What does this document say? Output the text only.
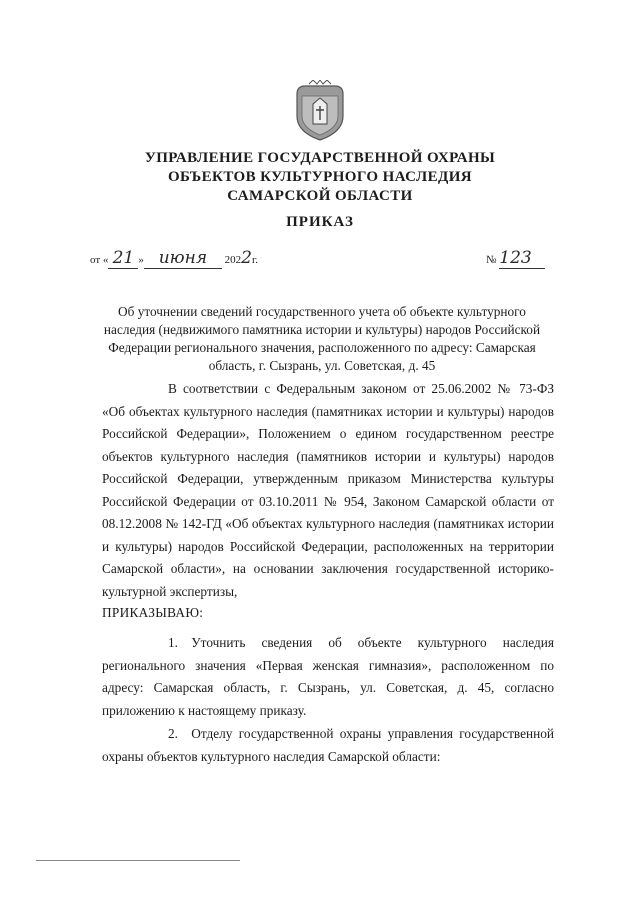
УПРАВЛЕНИЕ ГОСУДАРСТВЕННОЙ ОХРАНЫ
ОБЪЕКТОВ КУЛЬТУРНОГО НАСЛЕДИЯ
САМАРСКОЙ ОБЛАСТИ
ПРИКАЗ
от « 21 » июня 2022г.	№ 123
Об уточнении сведений государственного учета об объекте культурного
наследия (недвижимого памятника истории и культуры) народов Российской
Федерации регионального значения, расположенного по адресу: Самарская
область, г. Сызрань, ул. Советская, д. 45

В соответствии с Федеральным законом от 25.06.2002 № 73-ФЗ «Об объектах культурного наследия (памятниках истории и культуры) народов Российской Федерации», Положением о едином государственном реестре объектов культурного наследия (памятников истории и культуры) народов Российской Федерации, утвержденным приказом Министерства культуры Российской Федерации от 03.10.2011 № 954, Законом Самарской области от 08.12.2008 № 142-ГД «Об объектах культурного наследия (памятниках истории и культуры) народов Российской Федерации, расположенных на территории Самарской области», на основании заключения государственной историко-культурной экспертизы,

ПРИКАЗЫВАЮ:

1. Уточнить сведения об объекте культурного наследия регионального значения «Первая женская гимназия», расположенном по адресу: Самарская область, г. Сызрань, ул. Советская, д. 45, согласно приложению к настоящему приказу.

2. Отделу государственной охраны управления государственной охраны объектов культурного наследия Самарской области:
